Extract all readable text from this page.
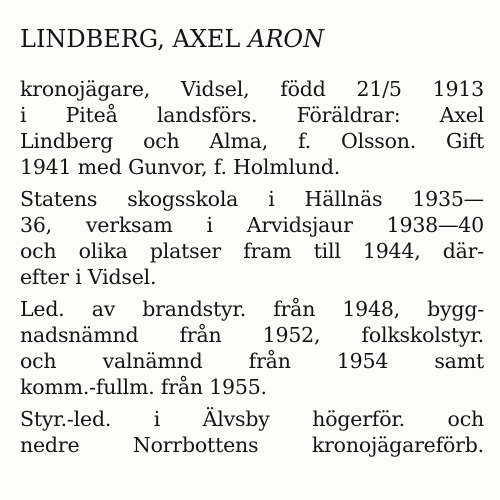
LINDBERG, AXEL ARON
kronojägare, Vidsel, född 21/5 1913
i Piteå landsförs. Föräldrar: Axel
Lindberg och Alma, f. Olsson. Gift
1941 med Gunvor, f. Holmlund.
Statens skogsskola i Hällnäs 1935—
36, verksam i Arvidsjaur 1938—40
och olika platser fram till 1944, där-
efter i Vidsel.
Led. av brandstyr. från 1948, bygg-
nadsnämnd från 1952, folkskolstyr.
och valnämnd från 1954 samt
komm.-fullm. från 1955.
Styr.-led. i Älvsby högerför. och
nedre Norrbottens kronojägareförb.
